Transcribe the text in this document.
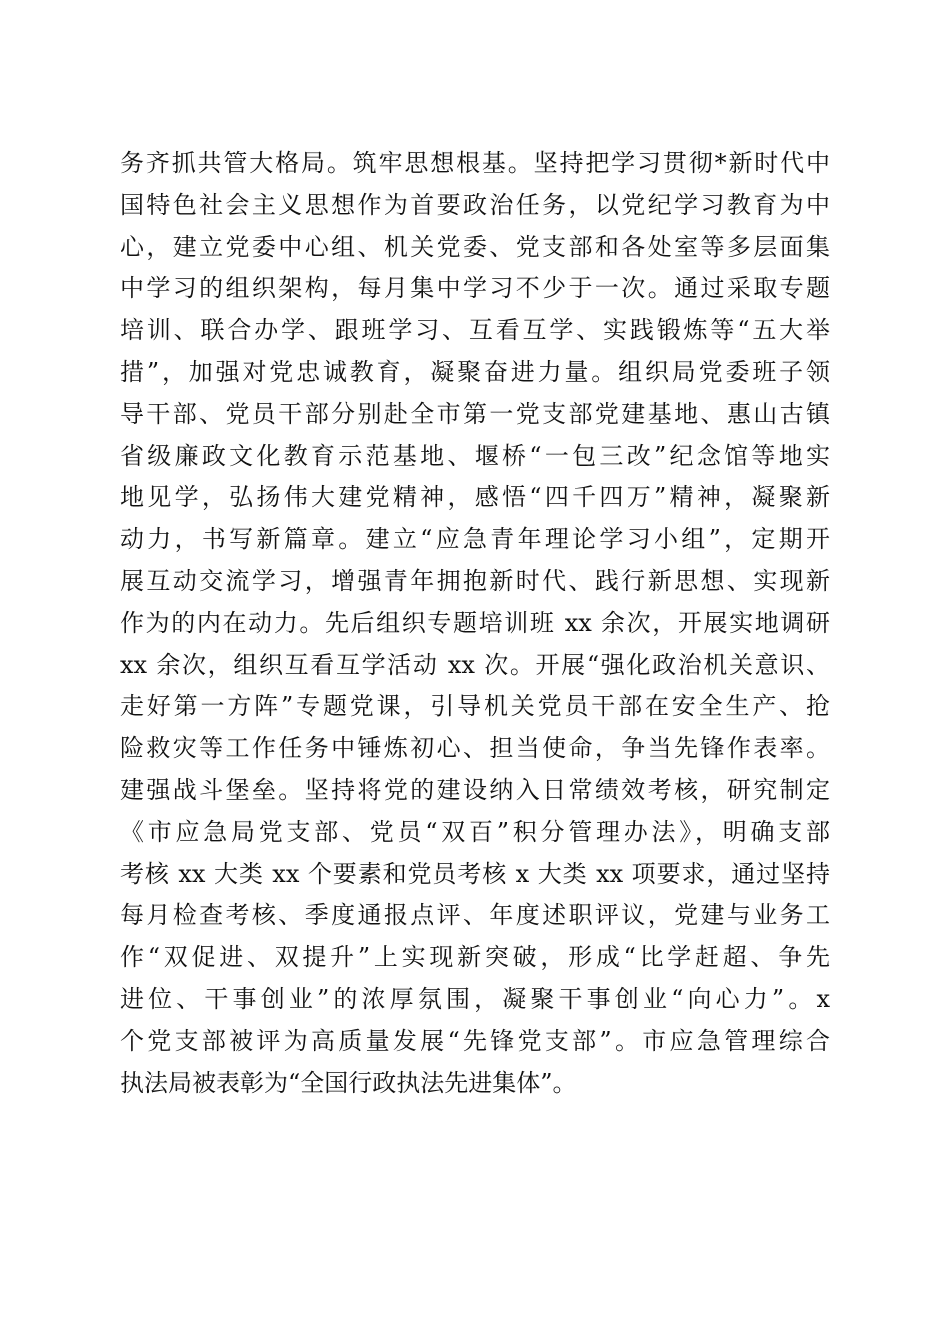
务齐抓共管大格局。筑牢思想根基。坚持把学习贯彻*新时代中
国特色社会主义思想作为首要政治任务，以党纪学习教育为中
心，建立党委中心组、机关党委、党支部和各处室等多层面集
中学习的组织架构，每月集中学习不少于一次。通过采取专题
培训、联合办学、跟班学习、互看互学、实践锻炼等“五大举
措”，加强对党忠诚教育，凝聚奋进力量。组织局党委班子领
导干部、党员干部分别赴全市第一党支部党建基地、惠山古镇
省级廉政文化教育示范基地、堰桥“一包三改”纪念馆等地实
地见学，弘扬伟大建党精神，感悟“四千四万”精神，凝聚新
动力，书写新篇章。建立“应急青年理论学习小组”，定期开
展互动交流学习，增强青年拥抱新时代、践行新思想、实现新
作为的内在动力。先后组织专题培训班 xx 余次，开展实地调研
xx 余次，组织互看互学活动 xx 次。开展“强化政治机关意识、
走好第一方阵”专题党课，引导机关党员干部在安全生产、抢
险救灾等工作任务中锤炼初心、担当使命，争当先锋作表率。
建强战斗堡垒。坚持将党的建设纳入日常绩效考核，研究制定
《市应急局党支部、党员“双百”积分管理办法》，明确支部
考核 xx 大类 xx 个要素和党员考核 x 大类 xx 项要求，通过坚持
每月检查考核、季度通报点评、年度述职评议，党建与业务工
作“双促进、双提升”上实现新突破，形成“比学赶超、争先
进位、干事创业”的浓厚氛围，凝聚干事创业“向心力”。x
个党支部被评为高质量发展“先锋党支部”。市应急管理综合
执法局被表彰为“全国行政执法先进集体”。
